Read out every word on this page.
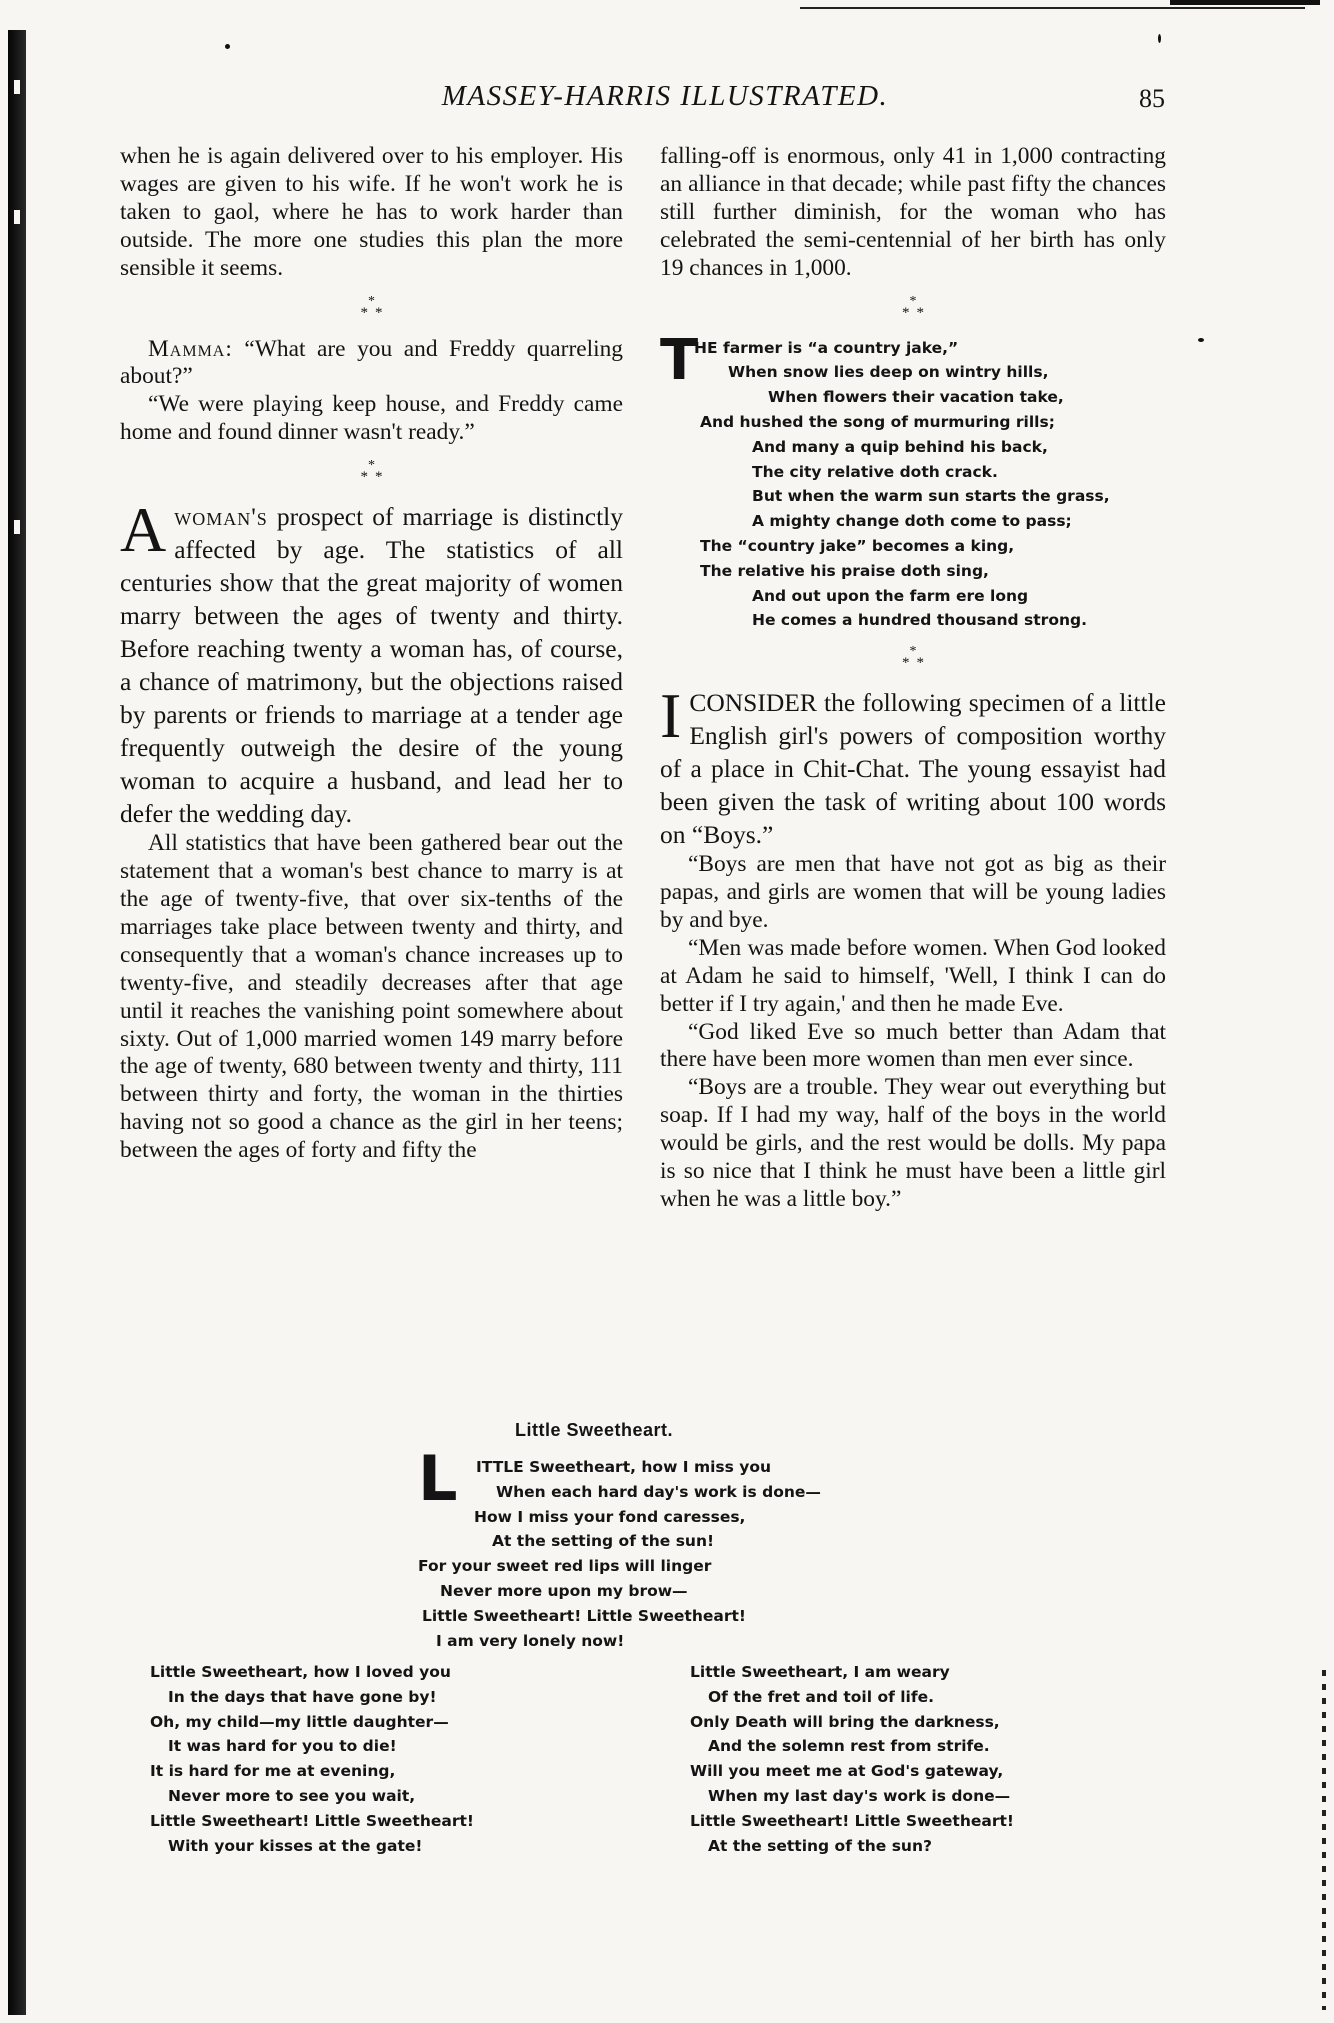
MASSEY-HARRIS ILLUSTRATED.	85

when he is again delivered over to his employer. His wages are given to his wife. If he won't work he is taken to gaol, where he has to work harder than outside. The more one studies this plan the more sensible it seems.

***

Mamma: “What are you and Freddy quarreling about?”

“We were playing keep house, and Freddy came home and found dinner wasn't ready.”

***

Awoman's prospect of marriage is distinctly affected by age. The statistics of all centuries show that the great majority of women marry between the ages of twenty and thirty. Before reaching twenty a woman has, of course, a chance of matrimony, but the objections raised by parents or friends to marriage at a tender age frequently outweigh the desire of the young woman to acquire a husband, and lead her to defer the wedding day.

All statistics that have been gathered bear out the statement that a woman's best chance to marry is at the age of twenty-five, that over six-tenths of the marriages take place between twenty and thirty, and consequently that a woman's chance increases up to twenty-five, and steadily decreases after that age until it reaches the vanishing point somewhere about sixty. Out of 1,000 married women 149 marry before the age of twenty, 680 between twenty and thirty, 111 between thirty and forty, the woman in the thirties having not so good a chance as the girl in her teens; between the ages of forty and fifty the

falling-off is enormous, only 41 in 1,000 contracting an alliance in that decade; while past fifty the chances still further diminish, for the woman who has celebrated the semi-centennial of her birth has only 19 chances in 1,000.

***
T
HE farmer is “a country jake,”
When snow lies deep on wintry hills,
When flowers their vacation take,
And hushed the song of murmuring rills;
And many a quip behind his back,
The city relative doth crack.
But when the warm sun starts the grass,
A mighty change doth come to pass;
The “country jake” becomes a king,
The relative his praise doth sing,
And out upon the farm ere long
He comes a hundred thousand strong.
***

ICONSIDER the following specimen of a little English girl's powers of composition worthy of a place in Chit-Chat. The young essayist had been given the task of writing about 100 words on “Boys.”

“Boys are men that have not got as big as their papas, and girls are women that will be young ladies by and bye.

“Men was made before women. When God looked at Adam he said to himself, 'Well, I think I can do better if I try again,' and then he made Eve.

“God liked Eve so much better than Adam that there have been more women than men ever since.

“Boys are a trouble. They wear out everything but soap. If I had my way, half of the boys in the world would be girls, and the rest would be dolls. My papa is so nice that I think he must have been a little girl when he was a little boy.”

Little Sweetheart.
L	ITTLE Sweetheart, how I miss you
When each hard day's work is done—
How I miss your fond caresses,
At the setting of the sun!
For your sweet red lips will linger
Never more upon my brow—
Little Sweetheart! Little Sweetheart!
I am very lonely now!
Little Sweetheart, how I loved you
In the days that have gone by!
Oh, my child—my little daughter—
It was hard for you to die!
It is hard for me at evening,
Never more to see you wait,
Little Sweetheart! Little Sweetheart!
With your kisses at the gate!
Little Sweetheart, I am weary
Of the fret and toil of life.
Only Death will bring the darkness,
And the solemn rest from strife.
Will you meet me at God's gateway,
When my last day's work is done—
Little Sweetheart! Little Sweetheart!
At the setting of the sun?
